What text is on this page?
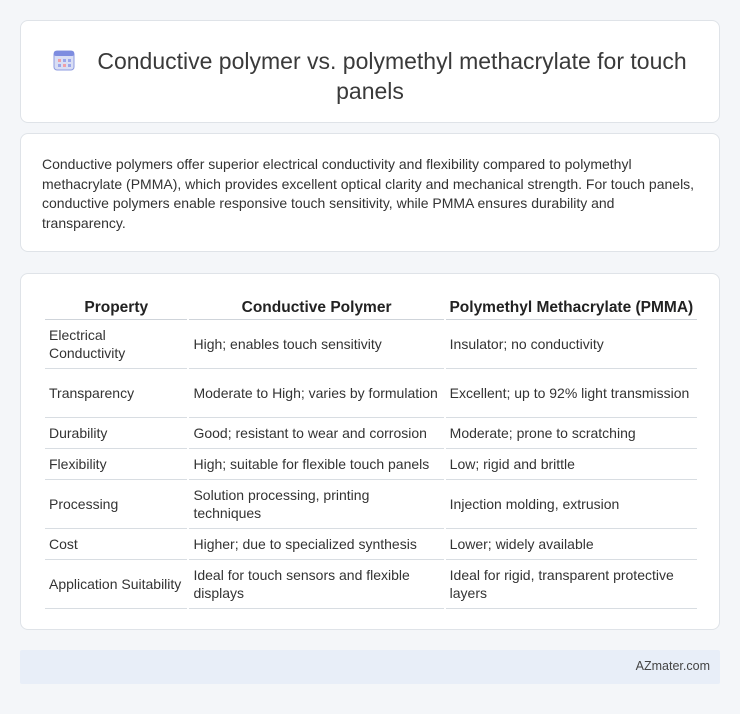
Conductive polymer vs. polymethyl methacrylate for touch panels

Conductive polymers offer superior electrical conductivity and flexibility compared to polymethyl methacrylate (PMMA), which provides excellent optical clarity and mechanical strength. For touch panels, conductive polymers enable responsive touch sensitivity, while PMMA ensures durability and transparency.

Property	Conductive Polymer	Polymethyl Methacrylate (PMMA)
Electrical Conductivity	High; enables touch sensitivity	Insulator; no conductivity
Transparency	Moderate to High; varies by formulation	Excellent; up to 92% light transmission
Durability	Good; resistant to wear and corrosion	Moderate; prone to scratching
Flexibility	High; suitable for flexible touch panels	Low; rigid and brittle
Processing	Solution processing, printing techniques	Injection molding, extrusion
Cost	Higher; due to specialized synthesis	Lower; widely available
Application Suitability	Ideal for touch sensors and flexible displays	Ideal for rigid, transparent protective layers
AZmater.com
